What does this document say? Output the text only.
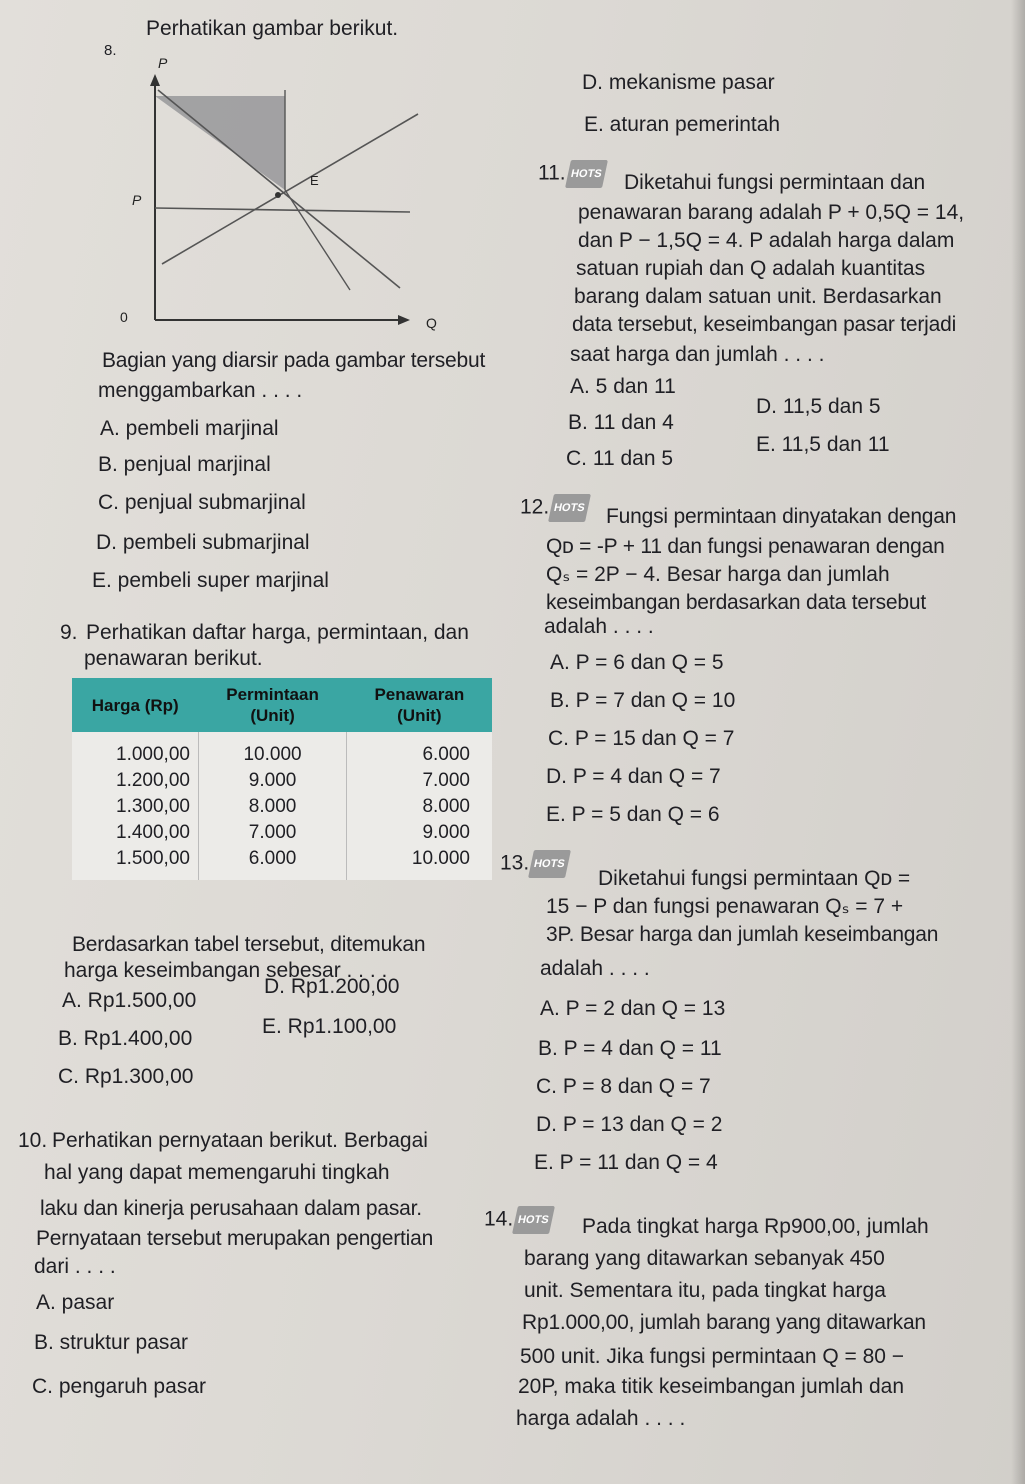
8.
Perhatikan gambar berikut.
P
P
E
0	Q
Bagian yang diarsir pada gambar tersebut
menggambarkan . . . .
A. pembeli marjinal
B. penjual marjinal
C. penjual submarjinal
D. pembeli submarjinal
E. pembeli super marjinal
9. Perhatikan daftar harga, permintaan, dan
penawaran berikut.
Harga (Rp)	Permintaan (Unit)	Penawaran (Unit)
1.000,00	10.000	6.000
1.200,00	9.000	7.000
1.300,00	8.000	8.000
1.400,00	7.000	9.000
1.500,00	6.000	10.000
Berdasarkan tabel tersebut, ditemukan
harga keseimbangan sebesar . . . .
A. Rp1.500,00
D. Rp1.200,00
B. Rp1.400,00
E. Rp1.100,00
C. Rp1.300,00
10. Perhatikan pernyataan berikut. Berbagai
hal yang dapat memengaruhi tingkah
laku dan kinerja perusahaan dalam pasar.
Pernyataan tersebut merupakan pengertian
dari . . . .
A. pasar
B. struktur pasar
C. pengaruh pasar
D. mekanisme pasar
E. aturan pemerintah
11. HOTS	Diketahui fungsi permintaan dan
penawaran barang adalah P + 0,5Q = 14,
dan P − 1,5Q = 4. P adalah harga dalam
satuan rupiah dan Q adalah kuantitas
barang dalam satuan unit. Berdasarkan
data tersebut, keseimbangan pasar terjadi
saat harga dan jumlah . . . .
A. 5 dan 11
D. 11,5 dan 5
B. 11 dan 4
E. 11,5 dan 11
C. 11 dan 5
12. HOTS Fungsi permintaan dinyatakan dengan
Qᴅ = -P + 11 dan fungsi penawaran dengan
Qₛ = 2P − 4. Besar harga dan jumlah
keseimbangan berdasarkan data tersebut
adalah . . . .
A. P = 6 dan Q = 5
B. P = 7 dan Q = 10
C. P = 15 dan Q = 7
D. P = 4 dan Q = 7
E. P = 5 dan Q = 6
13. HOTS
Diketahui fungsi permintaan Qᴅ =
15 − P dan fungsi penawaran Qₛ = 7 +
3P. Besar harga dan jumlah keseimbangan
adalah . . . .
A. P = 2 dan Q = 13
B. P = 4 dan Q = 11
C. P = 8 dan Q = 7
D. P = 13 dan Q = 2
E. P = 11 dan Q = 4
14. HOTS	Pada tingkat harga Rp900,00, jumlah
barang yang ditawarkan sebanyak 450
unit. Sementara itu, pada tingkat harga
Rp1.000,00, jumlah barang yang ditawarkan
500 unit. Jika fungsi permintaan Q = 80 −
20P, maka titik keseimbangan jumlah dan
harga adalah . . . .
